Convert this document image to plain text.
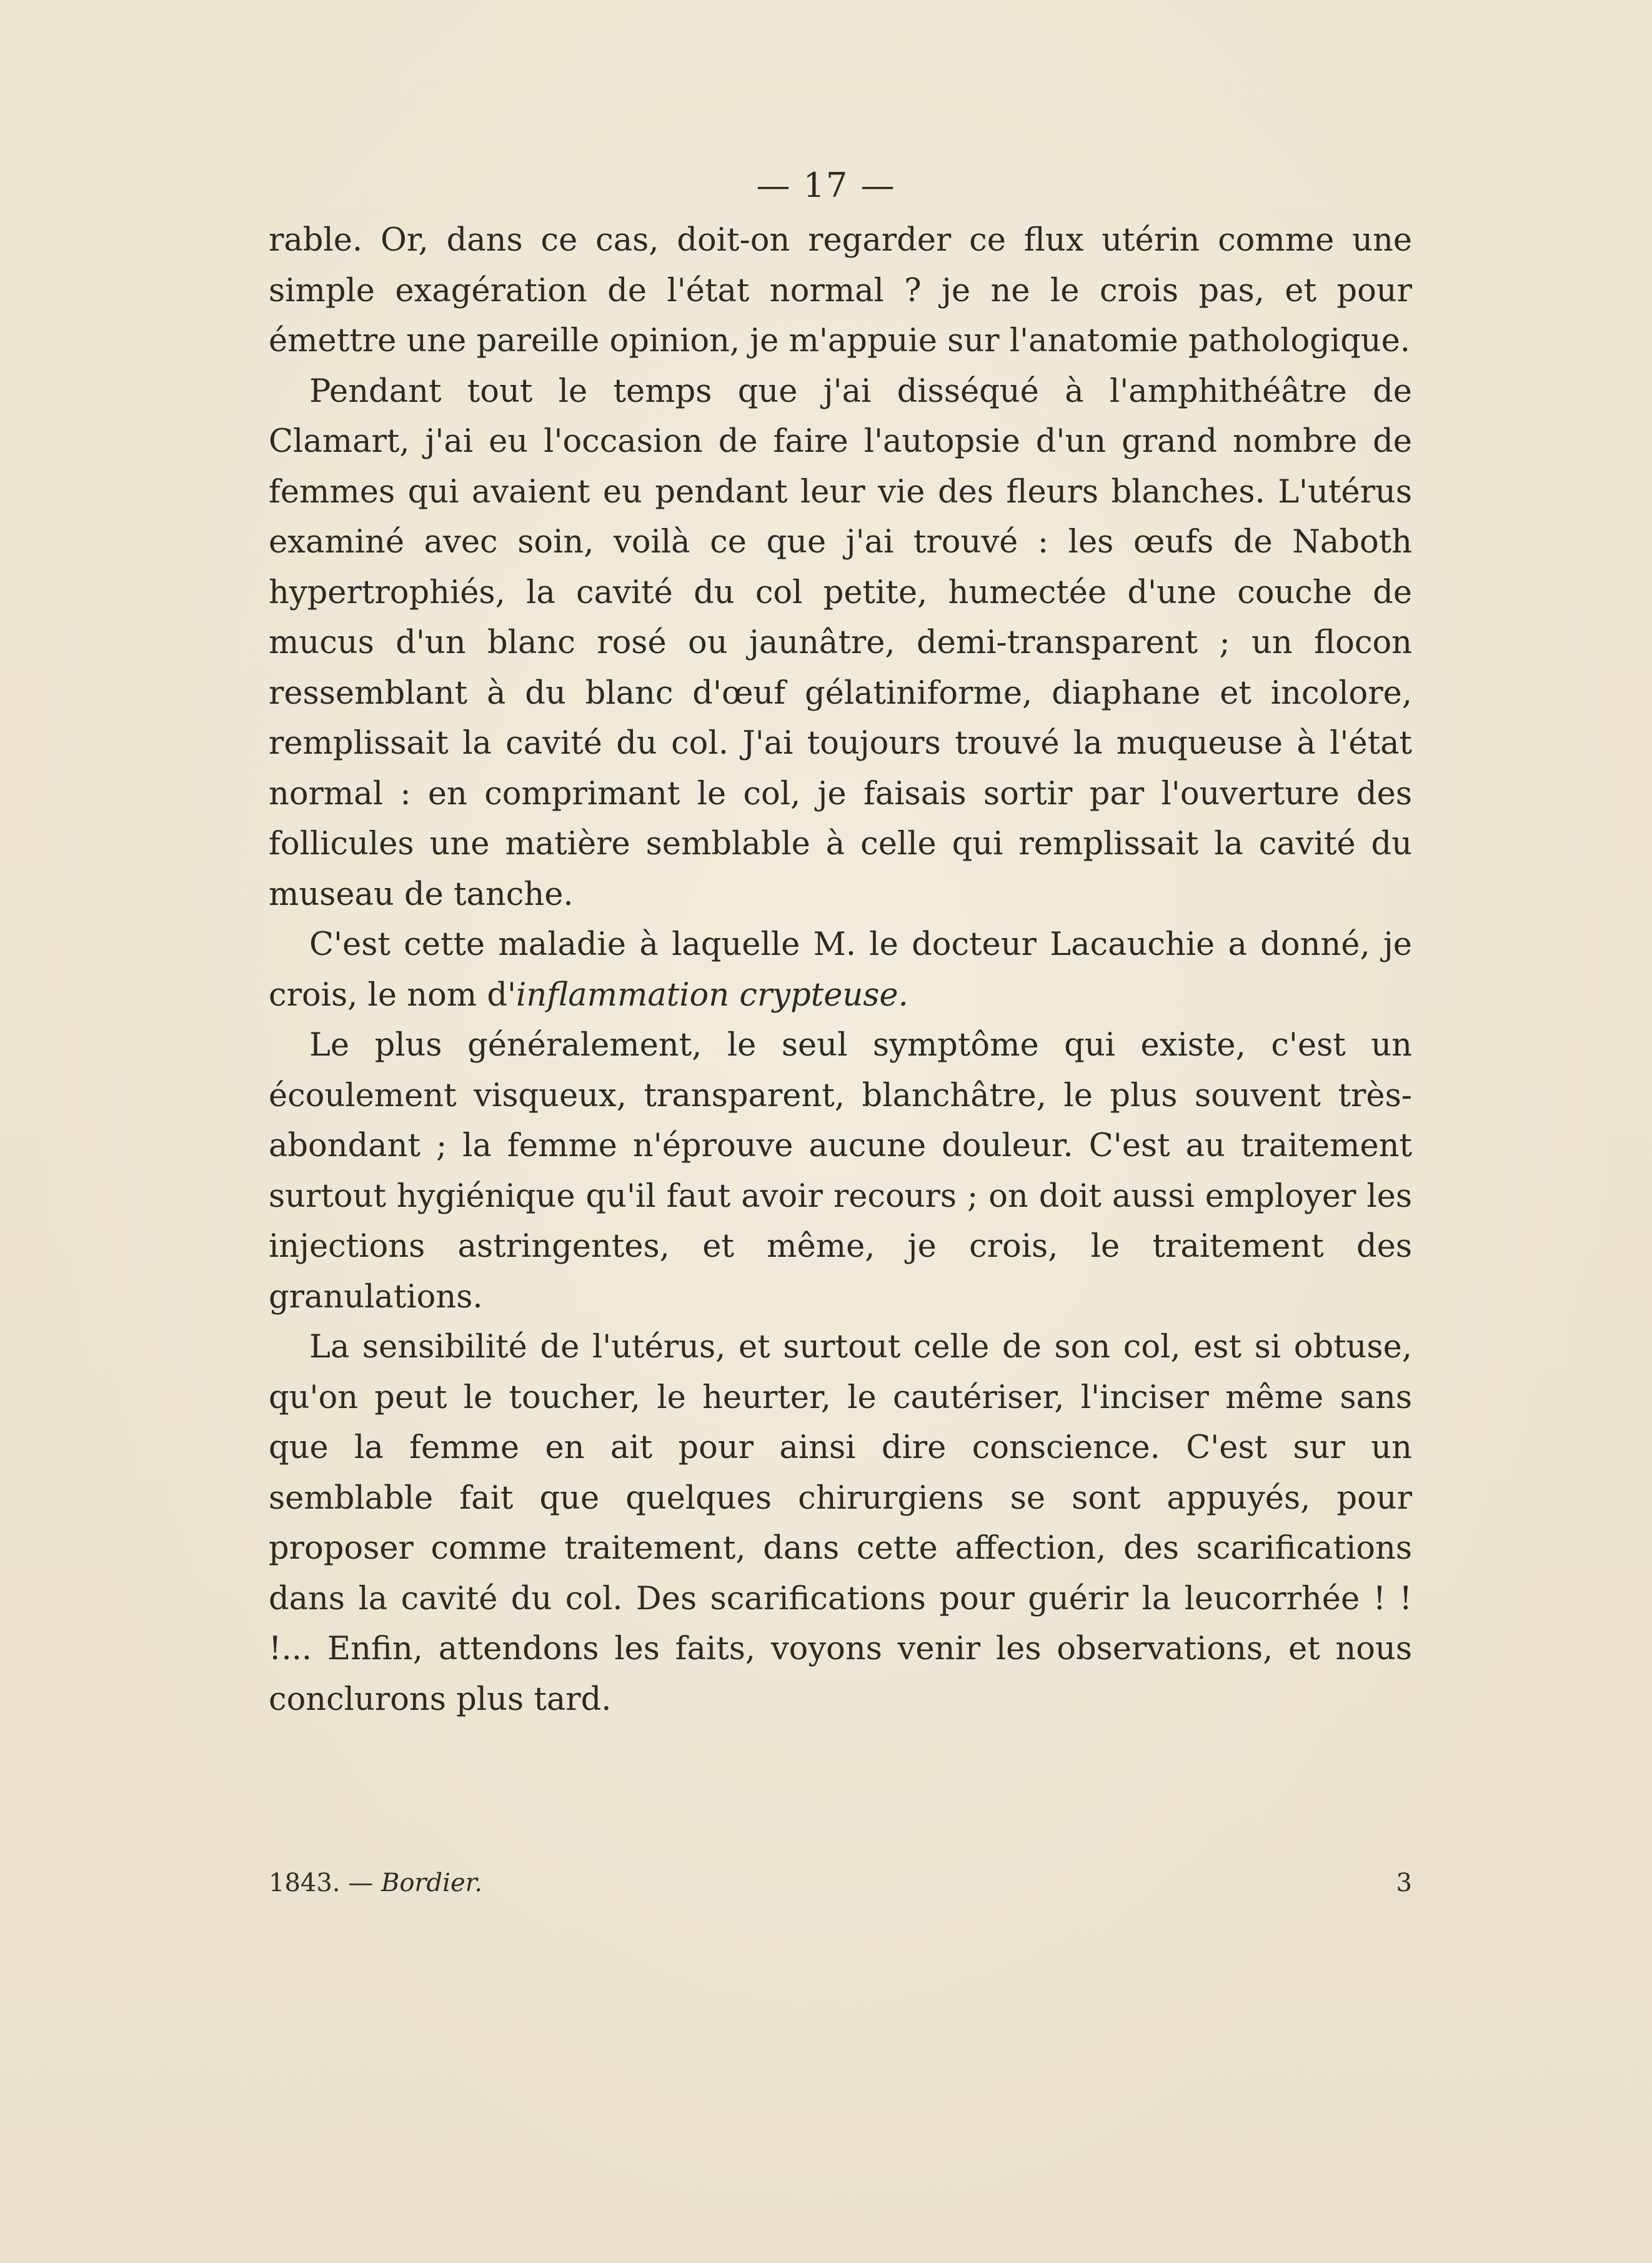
— 17 —

rable. Or, dans ce cas, doit-on regarder ce flux utérin comme une simple exagération de l'état normal ? je ne le crois pas, et pour émettre une pareille opinion, je m'appuie sur l'anatomie pathologique.

Pendant tout le temps que j'ai disséqué à l'amphithéâtre de Clamart, j'ai eu l'occasion de faire l'autopsie d'un grand nombre de femmes qui avaient eu pendant leur vie des fleurs blanches. L'utérus examiné avec soin, voilà ce que j'ai trouvé : les œufs de Naboth hypertrophiés, la cavité du col petite, humectée d'une couche de mucus d'un blanc rosé ou jaunâtre, demi-transparent ; un flocon ressemblant à du blanc d'œuf gélatiniforme, diaphane et incolore, remplissait la cavité du col. J'ai toujours trouvé la muqueuse à l'état normal : en comprimant le col, je faisais sortir par l'ouverture des follicules une matière semblable à celle qui remplissait la cavité du museau de tanche.

C'est cette maladie à laquelle M. le docteur Lacauchie a donné, je crois, le nom d'inflammation crypteuse.

Le plus généralement, le seul symptôme qui existe, c'est un écoulement visqueux, transparent, blanchâtre, le plus souvent très-abondant ; la femme n'éprouve aucune douleur. C'est au traitement surtout hygiénique qu'il faut avoir recours ; on doit aussi employer les injections astringentes, et même, je crois, le traitement des granulations.

La sensibilité de l'utérus, et surtout celle de son col, est si obtuse, qu'on peut le toucher, le heurter, le cautériser, l'inciser même sans que la femme en ait pour ainsi dire conscience. C'est sur un semblable fait que quelques chirurgiens se sont appuyés, pour proposer comme traitement, dans cette affection, des scarifications dans la cavité du col. Des scarifications pour guérir la leucorrhée ! ! !... Enfin, attendons les faits, voyons venir les observations, et nous conclurons plus tard.

1843. — Bordier.	3
